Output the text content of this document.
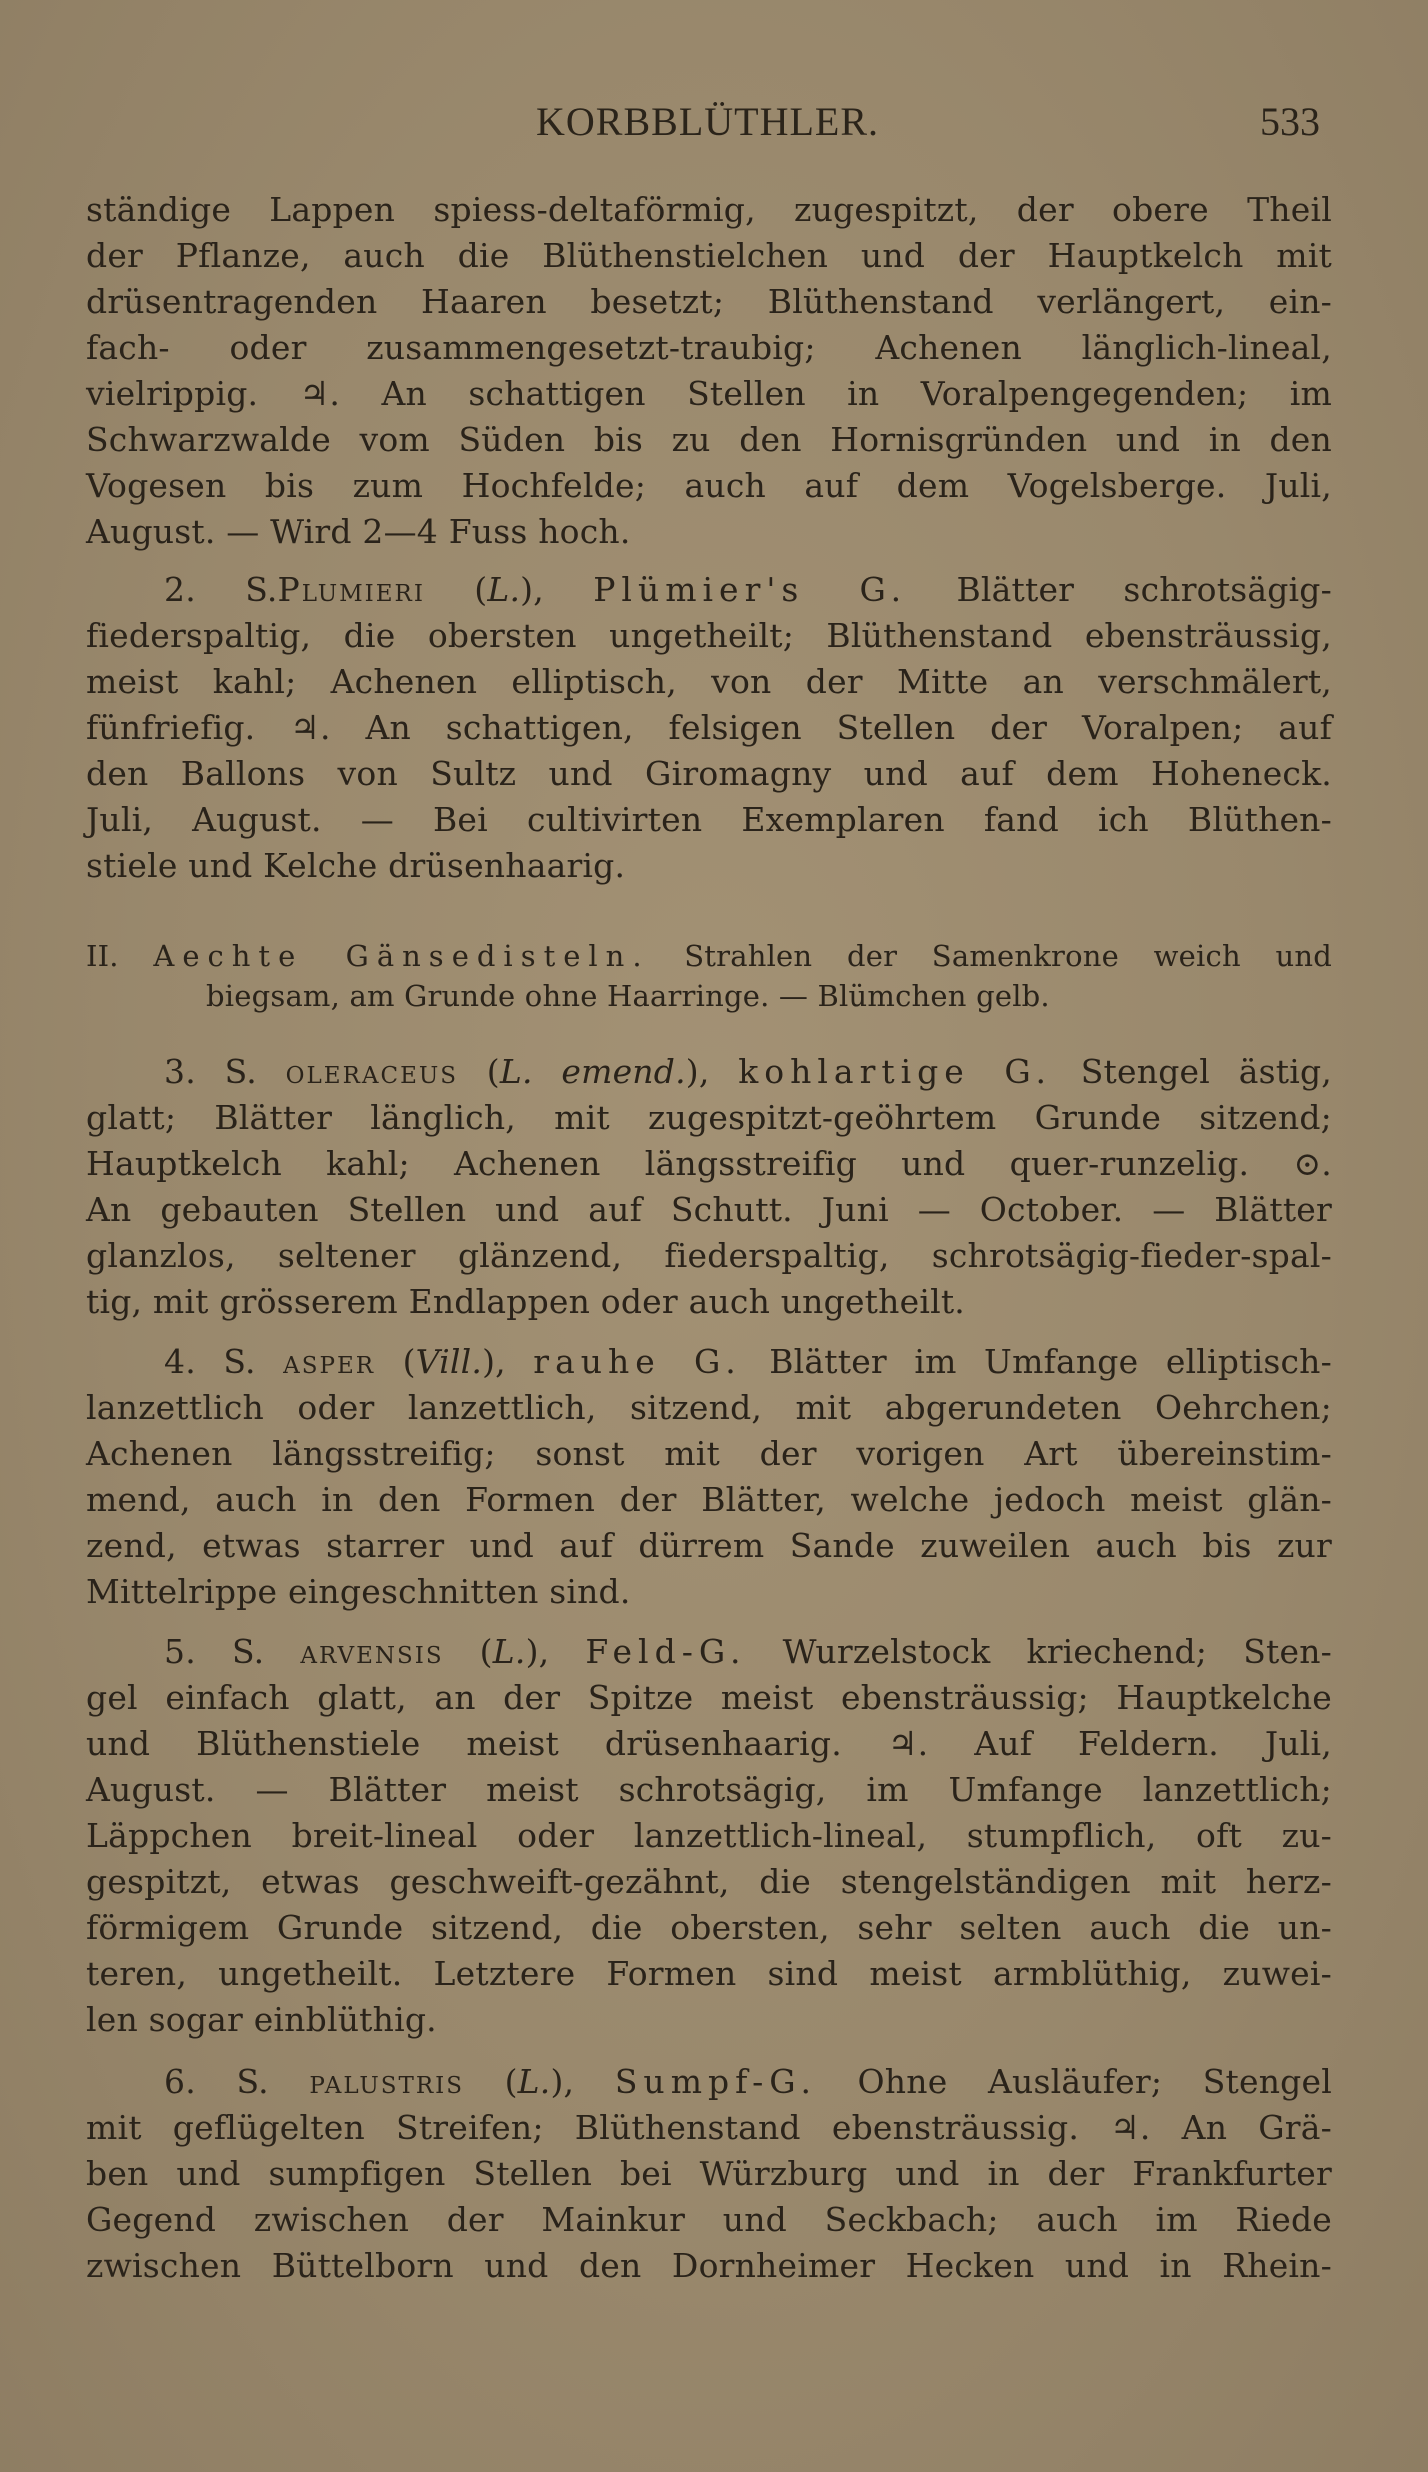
KORBBLÜTHLER.	533
ständige Lappen spiess-deltaförmig, zugespitzt, der obere Theil
der Pflanze, auch die Blüthenstielchen und der Hauptkelch mit
drüsentragenden Haaren besetzt; Blüthenstand verlängert, ein-
fach- oder zusammengesetzt-traubig; Achenen länglich-lineal,
vielrippig. ♃. An schattigen Stellen in Voralpengegenden; im
Schwarzwalde vom Süden bis zu den Hornisgründen und in den
Vogesen bis zum Hochfelde; auch auf dem Vogelsberge. Juli,
August. — Wird 2—4 Fuss hoch.
2. S.Plumieri (L.), Plümier's G. Blätter schrotsägig-
fiederspaltig, die obersten ungetheilt; Blüthenstand ebensträussig,
meist kahl; Achenen elliptisch, von der Mitte an verschmälert,
fünfriefig. ♃. An schattigen, felsigen Stellen der Voralpen; auf
den Ballons von Sultz und Giromagny und auf dem Hoheneck.
Juli, August. — Bei cultivirten Exemplaren fand ich Blüthen-
stiele und Kelche drüsenhaarig.
II. Aechte Gänsedisteln. Strahlen der Samenkrone weich und
biegsam, am Grunde ohne Haarringe. — Blümchen gelb.
3. S. oleraceus (L. emend.), kohlartige G. Stengel ästig,
glatt; Blätter länglich, mit zugespitzt-geöhrtem Grunde sitzend;
Hauptkelch kahl; Achenen längsstreifig und quer-runzelig. ⊙.
An gebauten Stellen und auf Schutt. Juni — October. — Blätter
glanzlos, seltener glänzend, fiederspaltig, schrotsägig-fieder-spal-
tig, mit grösserem Endlappen oder auch ungetheilt.
4. S. asper (Vill.), rauhe G. Blätter im Umfange elliptisch-
lanzettlich oder lanzettlich, sitzend, mit abgerundeten Oehrchen;
Achenen längsstreifig; sonst mit der vorigen Art übereinstim-
mend, auch in den Formen der Blätter, welche jedoch meist glän-
zend, etwas starrer und auf dürrem Sande zuweilen auch bis zur
Mittelrippe eingeschnitten sind.
5. S. arvensis (L.), Feld-G. Wurzelstock kriechend; Sten-
gel einfach glatt, an der Spitze meist ebensträussig; Hauptkelche
und Blüthenstiele meist drüsenhaarig. ♃. Auf Feldern. Juli,
August. — Blätter meist schrotsägig, im Umfange lanzettlich;
Läppchen breit-lineal oder lanzettlich-lineal, stumpflich, oft zu-
gespitzt, etwas geschweift-gezähnt, die stengelständigen mit herz-
förmigem Grunde sitzend, die obersten, sehr selten auch die un-
teren, ungetheilt. Letztere Formen sind meist armblüthig, zuwei-
len sogar einblüthig.
6. S. palustris (L.), Sumpf-G. Ohne Ausläufer; Stengel
mit geflügelten Streifen; Blüthenstand ebensträussig. ♃. An Grä-
ben und sumpfigen Stellen bei Würzburg und in der Frankfurter
Gegend zwischen der Mainkur und Seckbach; auch im Riede
zwischen Büttelborn und den Dornheimer Hecken und in Rhein-
